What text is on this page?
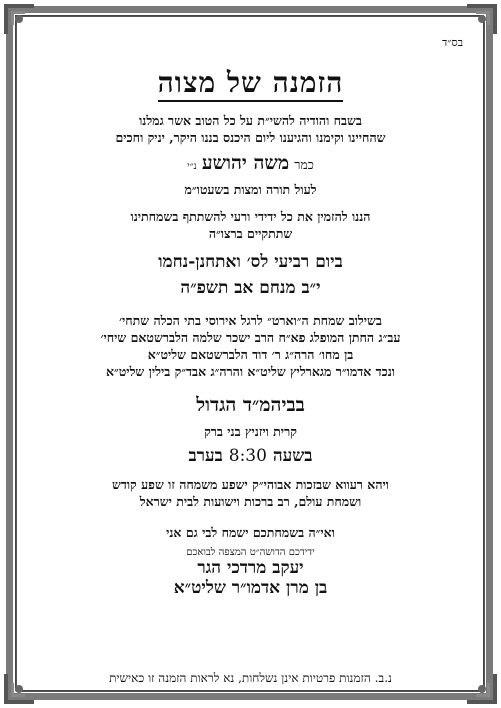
בס״ד
הזמנה של מצוה
בשבח והודיה להשי״ת על כל הטוב אשר גמלנו
שהחיינו וקימנו והגיענו ליום היכנס בננו היקר, יניק וחכים
כמר משה יהושע נ״י
לעול תורה ומצות בשעטו״מ
הננו להזמין את כל ידידי ורעי להשתתף בשמחתינו
שתתקיים ברצו״ה
ביום רביעי לס׳ ואתחנן-נחמו
י״ב מנחם אב תשפ״ה
בשילוב שמחת ה״וארט״ לרגל אירוסי בתי הכלה שתחי׳
עב״ג החתן המופלג פא״ח הרב ישכר שלמה הלברשטאם שיחי׳
בן מחו׳ הרה״ג ר׳ דוד הלברשטאם שליט״א
ונכד אדמו״ר מגארליץ שליט״א והרה״ג אבד״ק בילין שליט״א
בביהמ״ד הגדול
קרית ויזניץ בני ברק
בשעה 8:30 בערב
ויהא רעווא שבזכות אבוהי״ק ישפע משמחה זו שפע קודש
ושמחת עולם, רב ברכות וישועות לבית ישראל
ואי״ה בשמחתכם ישמח לבי גם אני
ידידכם הדושה״ט המצפה לבואכם
יעקב מרדכי הגר
בן מרן אדמו״ר שליט״א
נ.ב. הזמנות פרטיות אינן נשלחות, נא לראות הזמנה זו כאישית
